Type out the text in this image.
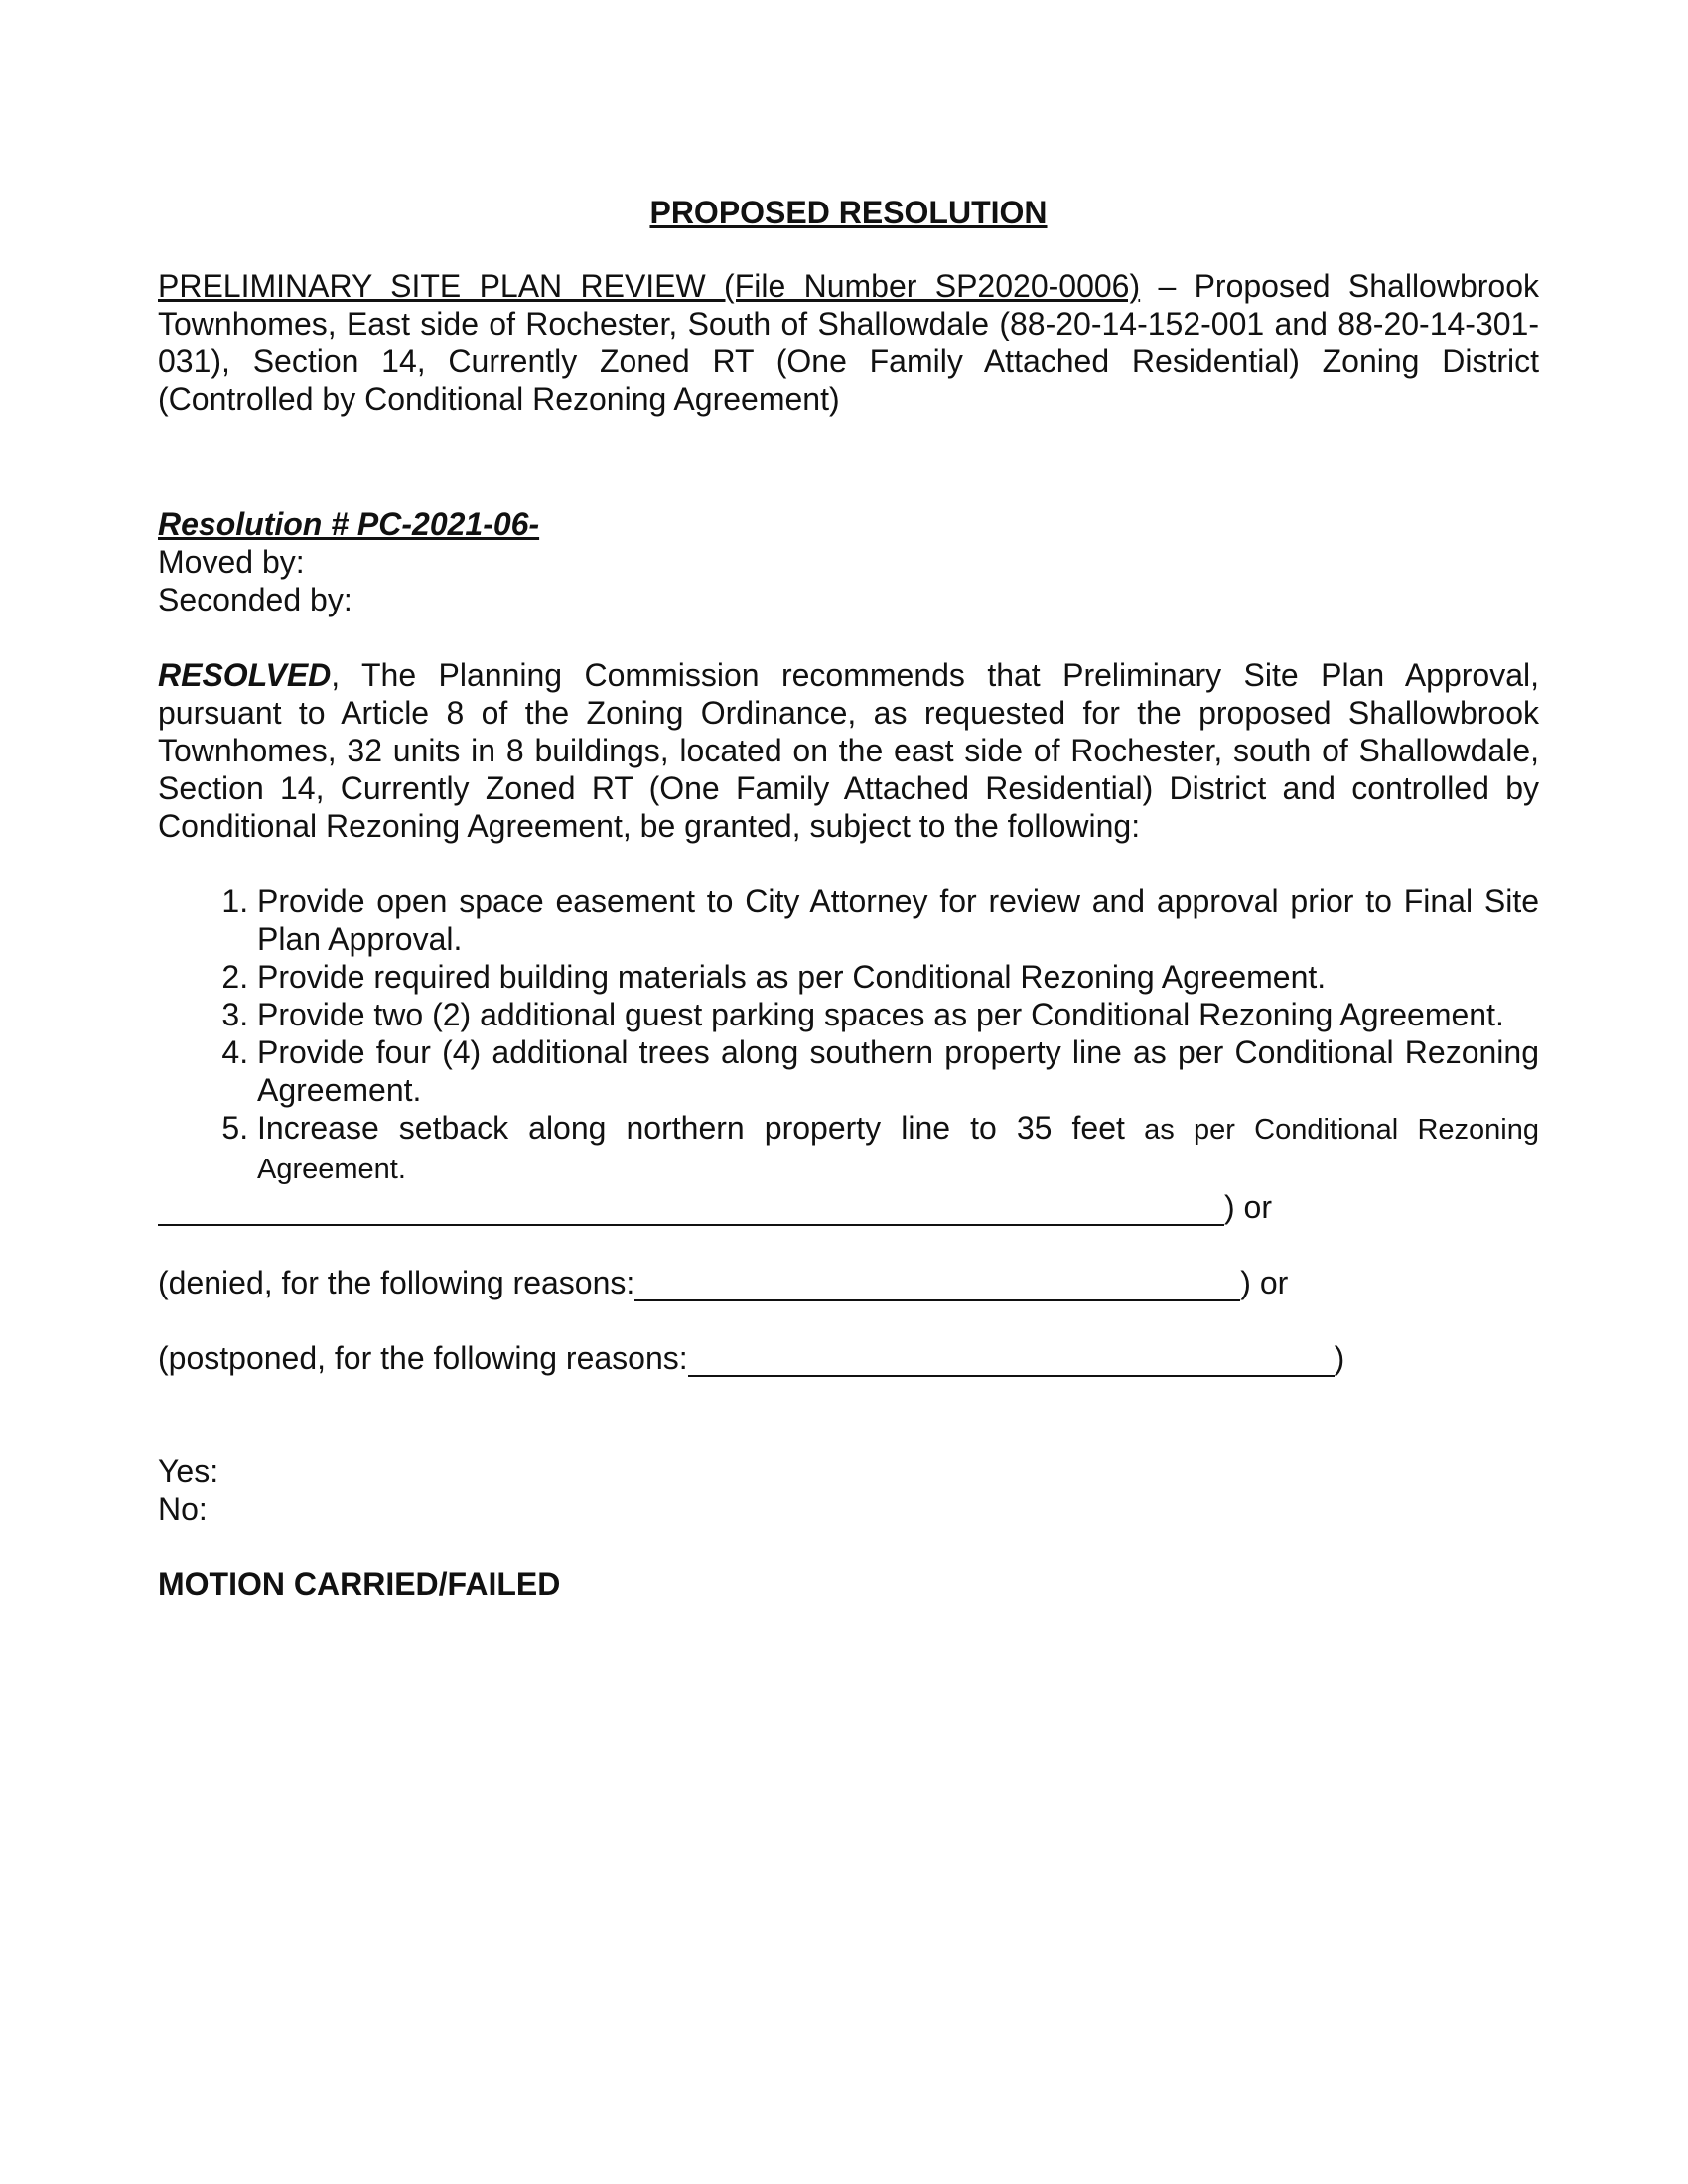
PROPOSED RESOLUTION

PRELIMINARY SITE PLAN REVIEW (File Number SP2020-0006) – Proposed Shallowbrook Townhomes, East side of Rochester, South of Shallowdale (88-20-14-152-001 and 88-20-14-301-031), Section 14, Currently Zoned RT (One Family Attached Residential) Zoning District (Controlled by Conditional Rezoning Agreement)

Resolution # PC-2021-06-

Moved by:

Seconded by:

RESOLVED, The Planning Commission recommends that Preliminary Site Plan Approval, pursuant to Article 8 of the Zoning Ordinance, as requested for the proposed Shallowbrook Townhomes, 32 units in 8 buildings, located on the east side of Rochester, south of Shallowdale, Section 14, Currently Zoned RT (One Family Attached Residential) District and controlled by Conditional Rezoning Agreement, be granted, subject to the following:

1. Provide open space easement to City Attorney for review and approval prior to Final Site Plan Approval.
2. Provide required building materials as per Conditional Rezoning Agreement.
3. Provide two (2) additional guest parking spaces as per Conditional Rezoning Agreement.
4. Provide four (4) additional trees along southern property line as per Conditional Rezoning Agreement.
5. Increase setback along northern property line to 35 feet as per Conditional Rezoning Agreement.
) or
(denied, for the following reasons:	) or
(postponed, for the following reasons:	)

Yes:

No:

MOTION CARRIED/FAILED
